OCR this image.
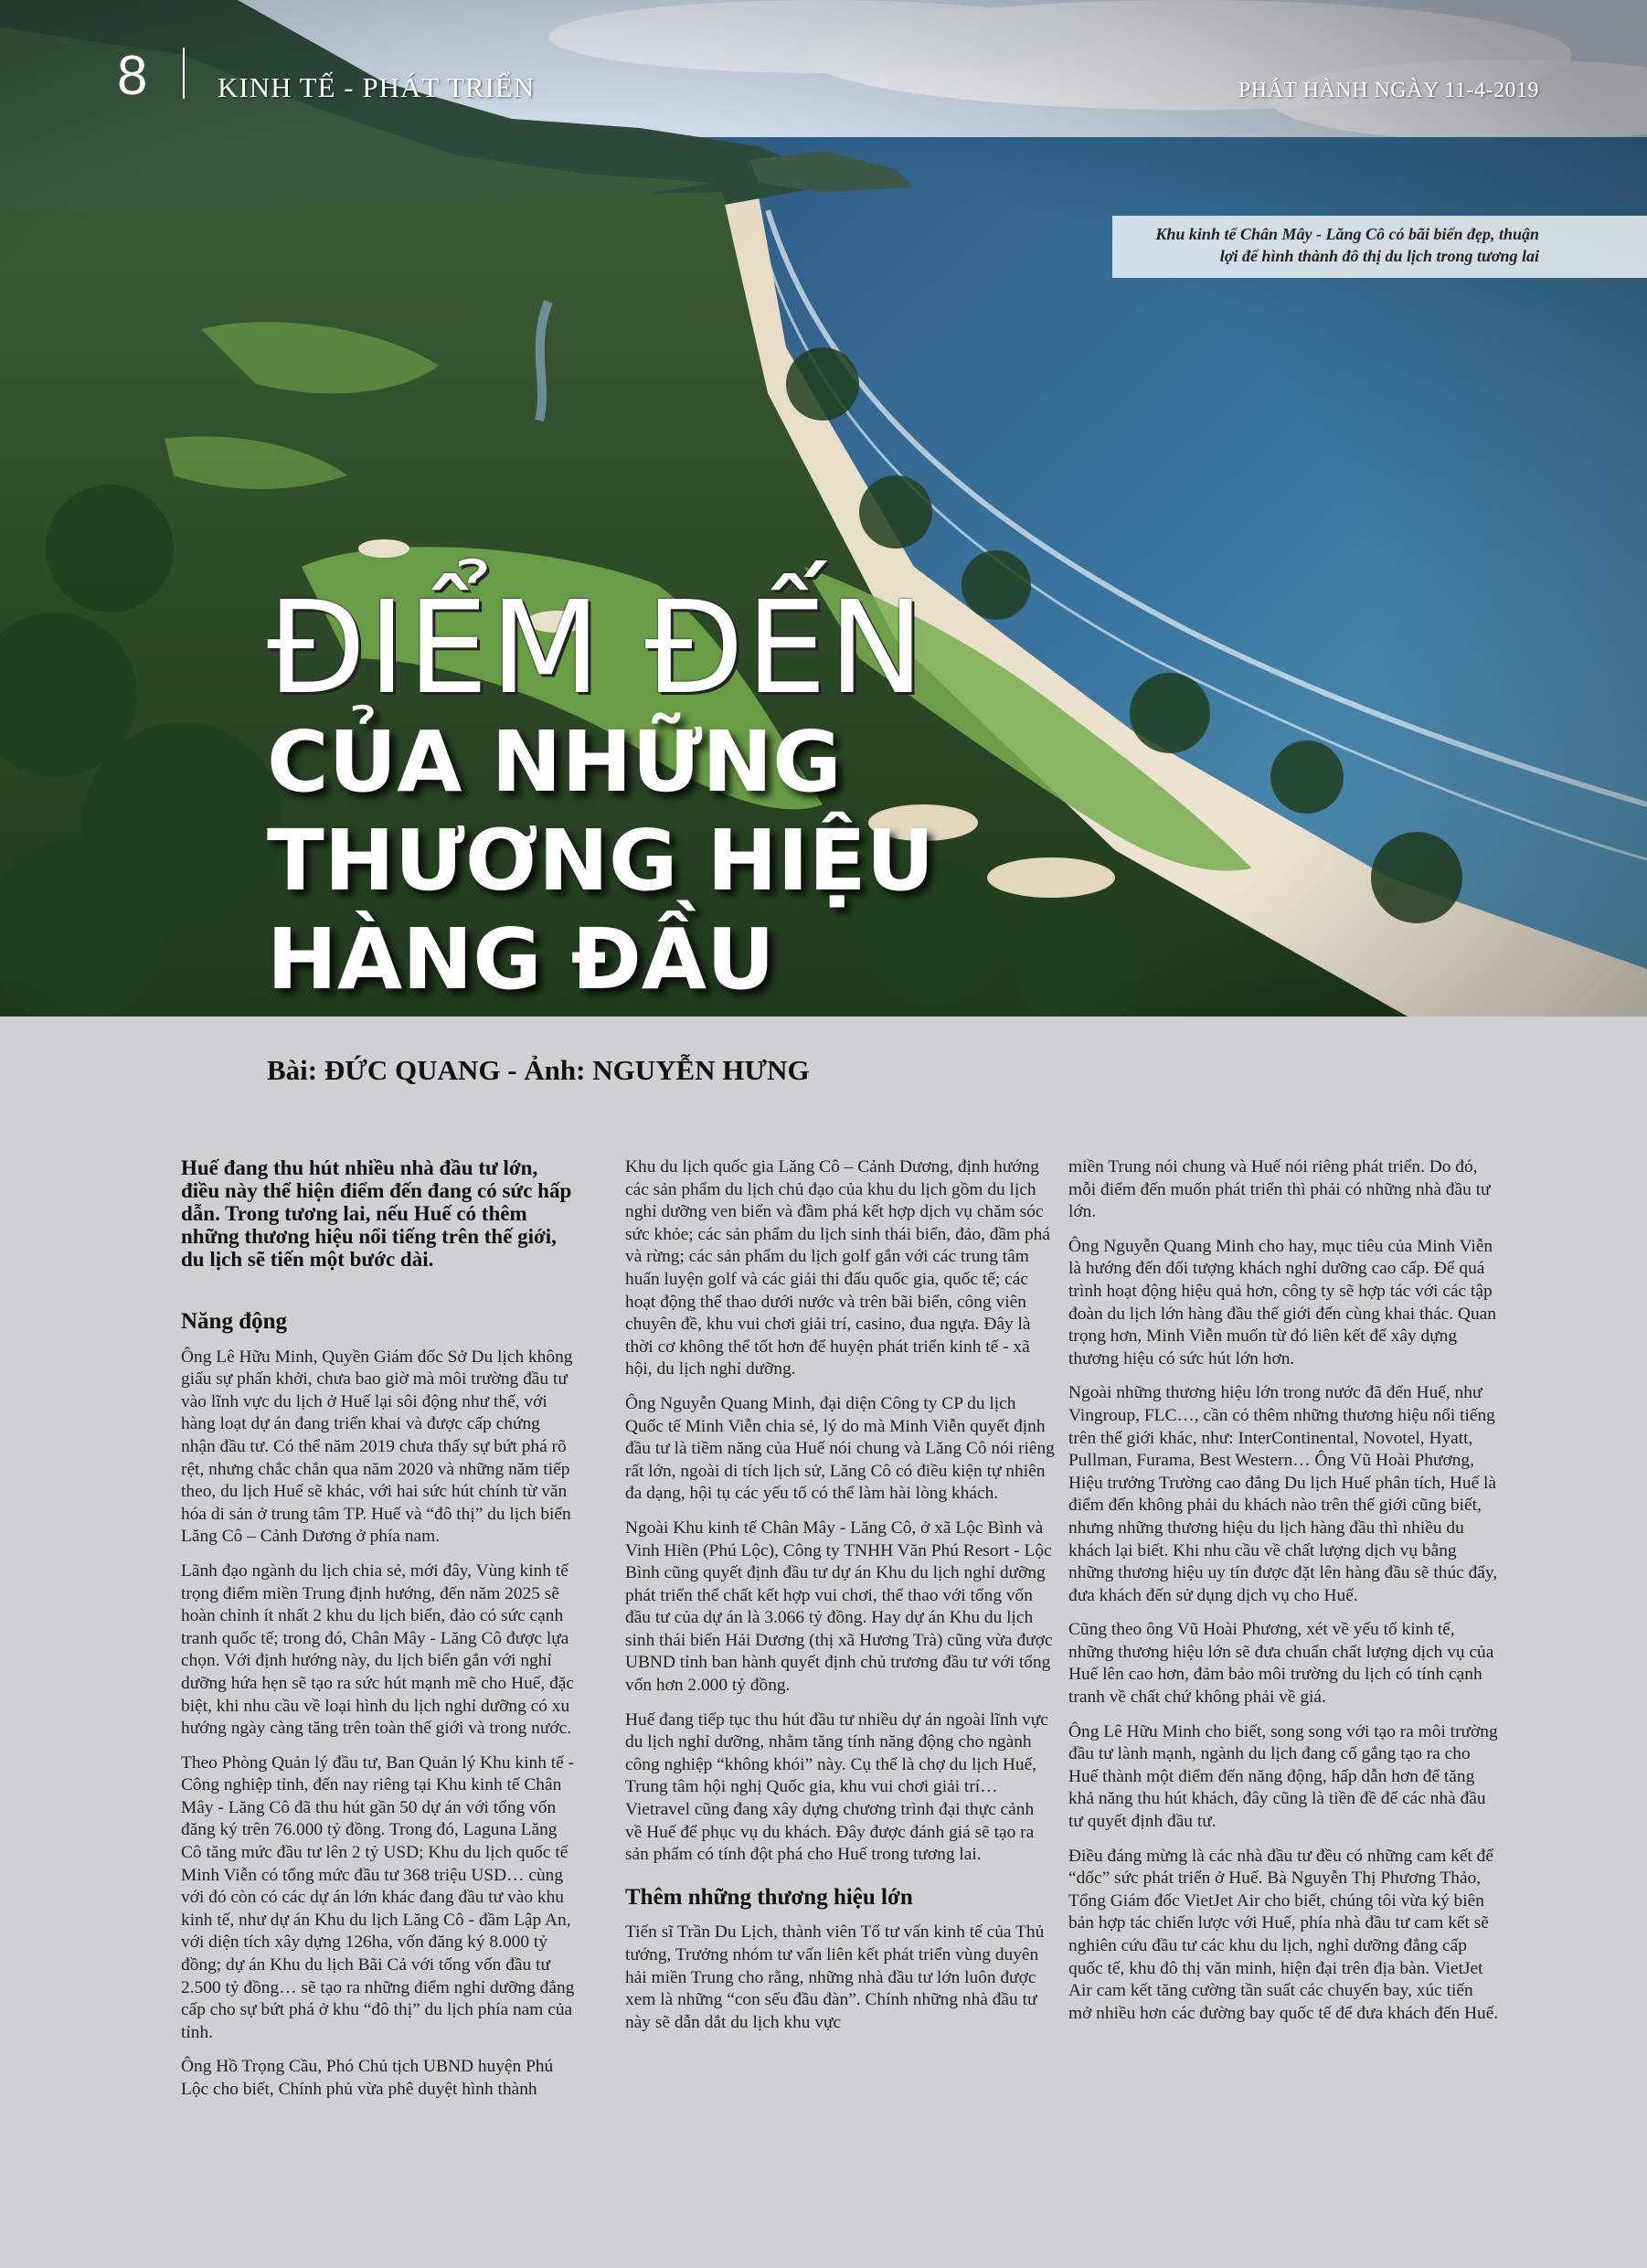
8 KINH TẾ - PHÁT TRIỂN	PHÁT HÀNH NGÀY 11-4-2019
Khu kinh tế Chân Mây - Lăng Cô có bãi biển đẹp, thuận
lợi để hình thành đô thị du lịch trong tương lai
ĐIỂM ĐẾN
CỦA NHỮNG
THƯƠNG HIỆU
HÀNG ĐẦU
Bài: ĐỨC QUANG - Ảnh: NGUYỄN HƯNG

Huế đang thu hút nhiều nhà đầu tư lớn, điều này thể hiện điểm đến đang có sức hấp dẫn. Trong tương lai, nếu Huế có thêm những thương hiệu nổi tiếng trên thế giới, du lịch sẽ tiến một bước dài.

Năng động

Ông Lê Hữu Minh, Quyền Giám đốc Sở Du lịch không giấu sự phấn khởi, chưa bao giờ mà môi trường đầu tư vào lĩnh vực du lịch ở Huế lại sôi động như thế, với hàng loạt dự án đang triển khai và được cấp chứng nhận đầu tư. Có thể năm 2019 chưa thấy sự bứt phá rõ rệt, nhưng chắc chắn qua năm 2020 và những năm tiếp theo, du lịch Huế sẽ khác, với hai sức hút chính từ văn hóa di sản ở trung tâm TP. Huế và “đô thị” du lịch biển Lăng Cô – Cảnh Dương ở phía nam.

Lãnh đạo ngành du lịch chia sẻ, mới đây, Vùng kinh tế trọng điểm miền Trung định hướng, đến năm 2025 sẽ hoàn chỉnh ít nhất 2 khu du lịch biển, đảo có sức cạnh tranh quốc tế; trong đó, Chân Mây - Lăng Cô được lựa chọn. Với định hướng này, du lịch biển gắn với nghỉ dưỡng hứa hẹn sẽ tạo ra sức hút mạnh mẽ cho Huế, đặc biệt, khi nhu cầu về loại hình du lịch nghỉ dưỡng có xu hướng ngày càng tăng trên toàn thế giới và trong nước.

Theo Phòng Quản lý đầu tư, Ban Quản lý Khu kinh tế - Công nghiệp tỉnh, đến nay riêng tại Khu kinh tế Chân Mây - Lăng Cô đã thu hút gần 50 dự án với tổng vốn đăng ký trên 76.000 tỷ đồng. Trong đó, Laguna Lăng Cô tăng mức đầu tư lên 2 tỷ USD; Khu du lịch quốc tế Minh Viễn có tổng mức đầu tư 368 triệu USD… cùng với đó còn có các dự án lớn khác đang đầu tư vào khu kinh tế, như dự án Khu du lịch Lăng Cô - đầm Lập An, với diện tích xây dựng 126ha, vốn đăng ký 8.000 tỷ đồng; dự án Khu du lịch Bãi Cả với tổng vốn đầu tư 2.500 tỷ đồng… sẽ tạo ra những điểm nghỉ dưỡng đẳng cấp cho sự bứt phá ở khu “đô thị” du lịch phía nam của tỉnh.

Ông Hồ Trọng Cầu, Phó Chủ tịch UBND huyện Phú Lộc cho biết, Chính phủ vừa phê duyệt hình thành

Khu du lịch quốc gia Lăng Cô – Cảnh Dương, định hướng các sản phẩm du lịch chủ đạo của khu du lịch gồm du lịch nghỉ dưỡng ven biển và đầm phá kết hợp dịch vụ chăm sóc sức khỏe; các sản phẩm du lịch sinh thái biển, đảo, đầm phá và rừng; các sản phẩm du lịch golf gắn với các trung tâm huấn luyện golf và các giải thi đấu quốc gia, quốc tế; các hoạt động thể thao dưới nước và trên bãi biển, công viên chuyên đề, khu vui chơi giải trí, casino, đua ngựa. Đây là thời cơ không thể tốt hơn để huyện phát triển kinh tế - xã hội, du lịch nghỉ dưỡng.

Ông Nguyễn Quang Minh, đại diện Công ty CP du lịch Quốc tế Minh Viễn chia sẻ, lý do mà Minh Viễn quyết định đầu tư là tiềm năng của Huế nói chung và Lăng Cô nói riêng rất lớn, ngoài di tích lịch sử, Lăng Cô có điều kiện tự nhiên đa dạng, hội tụ các yếu tố có thể làm hài lòng khách.

Ngoài Khu kinh tế Chân Mây - Lăng Cô, ở xã Lộc Bình và Vinh Hiền (Phú Lộc), Công ty TNHH Văn Phú Resort - Lộc Bình cũng quyết định đầu tư dự án Khu du lịch nghỉ dưỡng phát triển thể chất kết hợp vui chơi, thể thao với tổng vốn đầu tư của dự án là 3.066 tỷ đồng. Hay dự án Khu du lịch sinh thái biển Hải Dương (thị xã Hương Trà) cũng vừa được UBND tỉnh ban hành quyết định chủ trương đầu tư với tổng vốn hơn 2.000 tỷ đồng.

Huế đang tiếp tục thu hút đầu tư nhiều dự án ngoài lĩnh vực du lịch nghỉ dưỡng, nhằm tăng tính năng động cho ngành công nghiệp “không khói” này. Cụ thể là chợ du lịch Huế, Trung tâm hội nghị Quốc gia, khu vui chơi giải trí… Vietravel cũng đang xây dựng chương trình đại thực cảnh về Huế để phục vụ du khách. Đây được đánh giá sẽ tạo ra sản phẩm có tính đột phá cho Huế trong tương lai.

Thêm những thương hiệu lớn

Tiến sĩ Trần Du Lịch, thành viên Tổ tư vấn kinh tế của Thủ tướng, Trưởng nhóm tư vấn liên kết phát triển vùng duyên hải miền Trung cho rằng, những nhà đầu tư lớn luôn được xem là những “con sếu đầu đàn”. Chính những nhà đầu tư này sẽ dẫn dắt du lịch khu vực

miền Trung nói chung và Huế nói riêng phát triển. Do đó, mỗi điểm đến muốn phát triển thì phải có những nhà đầu tư lớn.

Ông Nguyễn Quang Minh cho hay, mục tiêu của Minh Viễn là hướng đến đối tượng khách nghỉ dưỡng cao cấp. Để quá trình hoạt động hiệu quả hơn, công ty sẽ hợp tác với các tập đoàn du lịch lớn hàng đầu thế giới đến cùng khai thác. Quan trọng hơn, Minh Viễn muốn từ đó liên kết để xây dựng thương hiệu có sức hút lớn hơn.

Ngoài những thương hiệu lớn trong nước đã đến Huế, như Vingroup, FLC…, cần có thêm những thương hiệu nổi tiếng trên thế giới khác, như: InterContinental, Novotel, Hyatt, Pullman, Furama, Best Western… Ông Vũ Hoài Phương, Hiệu trưởng Trường cao đẳng Du lịch Huế phân tích, Huế là điểm đến không phải du khách nào trên thế giới cũng biết, nhưng những thương hiệu du lịch hàng đầu thì nhiều du khách lại biết. Khi nhu cầu về chất lượng dịch vụ bằng những thương hiệu uy tín được đặt lên hàng đầu sẽ thúc đẩy, đưa khách đến sử dụng dịch vụ cho Huế.

Cũng theo ông Vũ Hoài Phương, xét về yếu tố kinh tế, những thương hiệu lớn sẽ đưa chuẩn chất lượng dịch vụ của Huế lên cao hơn, đảm bảo môi trường du lịch có tính cạnh tranh về chất chứ không phải về giá.

Ông Lê Hữu Minh cho biết, song song với tạo ra môi trường đầu tư lành mạnh, ngành du lịch đang cố gắng tạo ra cho Huế thành một điểm đến năng động, hấp dẫn hơn để tăng khả năng thu hút khách, đây cũng là tiền đề để các nhà đầu tư quyết định đầu tư.

Điều đáng mừng là các nhà đầu tư đều có những cam kết để “dốc” sức phát triển ở Huế. Bà Nguyễn Thị Phương Thảo, Tổng Giám đốc VietJet Air cho biết, chúng tôi vừa ký biên bản hợp tác chiến lược với Huế, phía nhà đầu tư cam kết sẽ nghiên cứu đầu tư các khu du lịch, nghỉ dưỡng đẳng cấp quốc tế, khu đô thị văn minh, hiện đại trên địa bàn. VietJet Air cam kết tăng cường tần suất các chuyến bay, xúc tiến mở nhiều hơn các đường bay quốc tế để đưa khách đến Huế.
